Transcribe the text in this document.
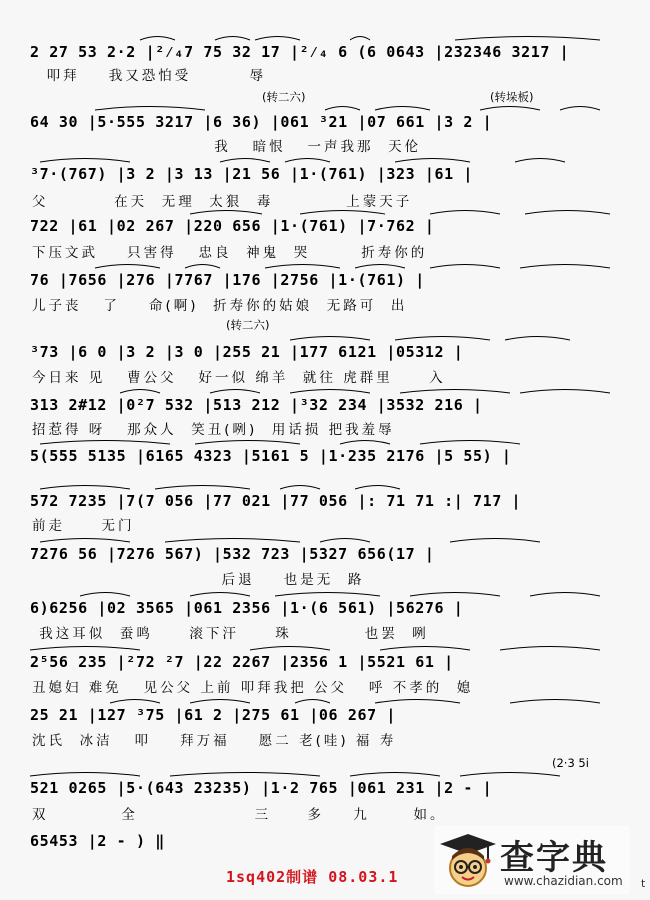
2 27 53 2·2 |²⁄₄7 75 32 17 |²⁄₄ 6 (6 0643 |232346 3217 |
叩拜    我又恐怕受        辱
(转二六)	(转垛板)
64 30 |5·555 3217 |6 36) |061 ³21 |07 661 |3 2 |
我   暗恨   一声我那  天伦
³7·(767) |3 2 |3 13 |21 56 |1·(761) |323 |61 |
父         在天  无理  太狠  毒          上蒙天子
722 |61 |02 267 |220 656 |1·(761) |7·762 |
下压文武    只害得   忠良  神鬼  哭       折寿你的
76 |7656 |276 |7767 |176 |2756 |1·(761) |
儿子丧   了    命(啊)  折寿你的姑娘  无路可  出
(转二六)
³73 |6 0 |3 2 |3 0 |255 21 |177 6121 |05312 |
今日来 见   曹公父   好一似 绵羊  就往 虎群里     入
313 2#12 |0²7 532 |513 212 |³32 234 |3532 216 |
招惹得 呀   那众人  笑丑(咧)  用话损 把我羞辱
5(555 5135 |6165 4323 |5161 5 |1·235 2176 |5 55) |
572 7235 |7(7 056 |77 021 |77 056 |: 71 71 :| 717 |
前走     无门
7276 56 |7276 567) |532 723 |5327 656(17 |
后退    也是无  路
6)6256 |02 3565 |061 2356 |1·(6 561) |56276 |
我这耳似  蚕鸣     滚下汗     珠          也罢  咧
2⁵56 235 |²72 ²7 |22 2267 |2356 1 |5521 61 |
丑媳妇 难免   见公父 上前 叩拜我把 公父   呼 不孝的  媳
25 21 |127 ³75 |61 2 |275 61 |06 267 |
沈氏  冰洁   叩    拜万福    愿二 老(哇) 福 寿
(2·3 5i
521 0265 |5·(643 23235) |1·2 765 |061 231 |2 - |
双          全                三     多    九      如。
65453 |2 - ) ‖
1sq402制谱 08.03.1	查字典
www.chazidian.com t
